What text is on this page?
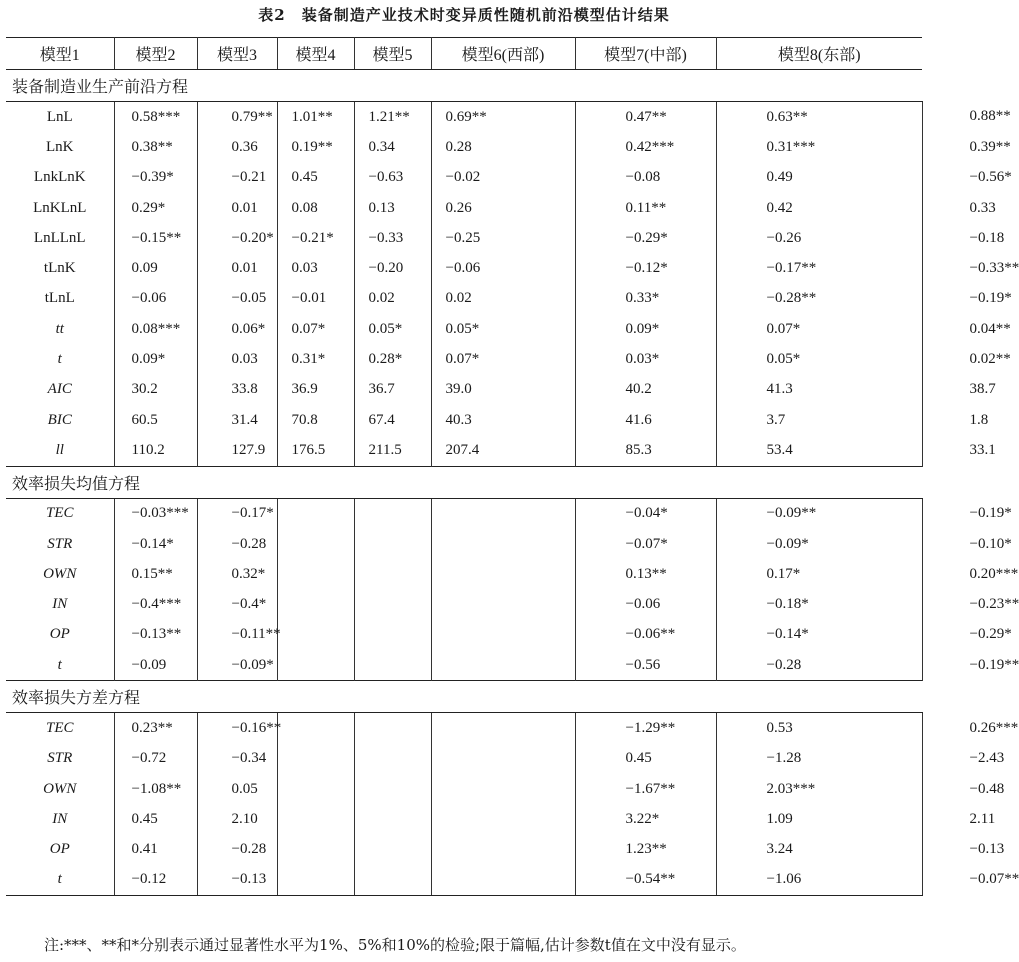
表2　装备制造产业技术时变异质性随机前沿模型估计结果
模型1	模型2	模型3	模型4	模型5	模型6(西部)	模型7(中部)	模型8(东部)	
装备制造业生产前沿方程								
LnL	0.58***	0.79**	1.01**	1.21**	0.69**	0.47**	0.63**	0.88**
LnK	0.38**	0.36	0.19**	0.34	0.28	0.42***	0.31***	0.39**
LnkLnK	−0.39*	−0.21	0.45	−0.63	−0.02	−0.08	0.49	−0.56*
LnKLnL	0.29*	0.01	0.08	0.13	0.26	0.11**	0.42	0.33
LnLLnL	−0.15**	−0.20*	−0.21*	−0.33	−0.25	−0.29*	−0.26	−0.18
tLnK	0.09	0.01	0.03	−0.20	−0.06	−0.12*	−0.17**	−0.33**
tLnL	−0.06	−0.05	−0.01	0.02	0.02	0.33*	−0.28**	−0.19*
tt	0.08***	0.06*	0.07*	0.05*	0.05*	0.09*	0.07*	0.04**
t	0.09*	0.03	0.31*	0.28*	0.07*	0.03*	0.05*	0.02**
AIC	30.2	33.8	36.9	36.7	39.0	40.2	41.3	38.7
BIC	60.5	31.4	70.8	67.4	40.3	41.6	3.7	1.8
ll	110.2	127.9	176.5	211.5	207.4	85.3	53.4	33.1
效率损失均值方程								
TEC	−0.03***	−0.17*				−0.04*	−0.09**	−0.19*
STR	−0.14*	−0.28				−0.07*	−0.09*	−0.10*
OWN	0.15**	0.32*				0.13**	0.17*	0.20***
IN	−0.4***	−0.4*				−0.06	−0.18*	−0.23**
OP	−0.13**	−0.11**				−0.06**	−0.14*	−0.29*
t	−0.09	−0.09*				−0.56	−0.28	−0.19**
效率损失方差方程								
TEC	0.23**	−0.16**				−1.29**	0.53	0.26***
STR	−0.72	−0.34				0.45	−1.28	−2.43
OWN	−1.08**	0.05				−1.67**	2.03***	−0.48
IN	0.45	2.10				3.22*	1.09	2.11
OP	0.41	−0.28				1.23**	3.24	−0.13
t	−0.12	−0.13				−0.54**	−1.06	−0.07**
注:***、**和*分别表示通过显著性水平为1%、5%和10%的检验;限于篇幅,估计参数t值在文中没有显示。
